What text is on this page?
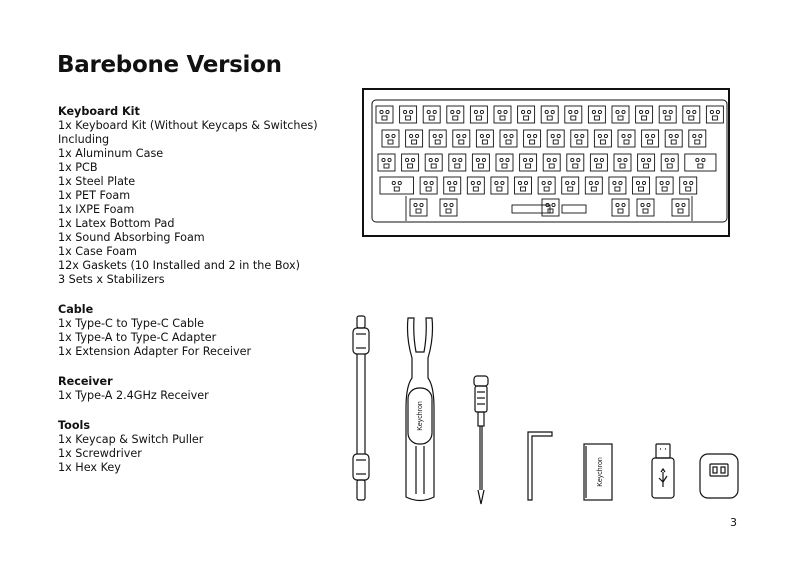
Barebone Version
Keyboard Kit
1x Keyboard Kit (Without Keycaps & Switches)
Including
1x Aluminum Case
1x PCB
1x Steel Plate
1x PET Foam
1x IXPE Foam
1x Latex Bottom Pad
1x Sound Absorbing Foam
1x Case Foam
12x Gaskets (10 Installed and 2 in the Box)
3 Sets x Stabilizers
Cable
1x Type-C to Type-C Cable
1x Type-A to Type-C Adapter
1x Extension Adapter For Receiver
Receiver
1x Type-A 2.4GHz Receiver
Tools
1x Keycap & Switch Puller
1x Screwdriver
1x Hex Key
Keychron
Keychron
3
